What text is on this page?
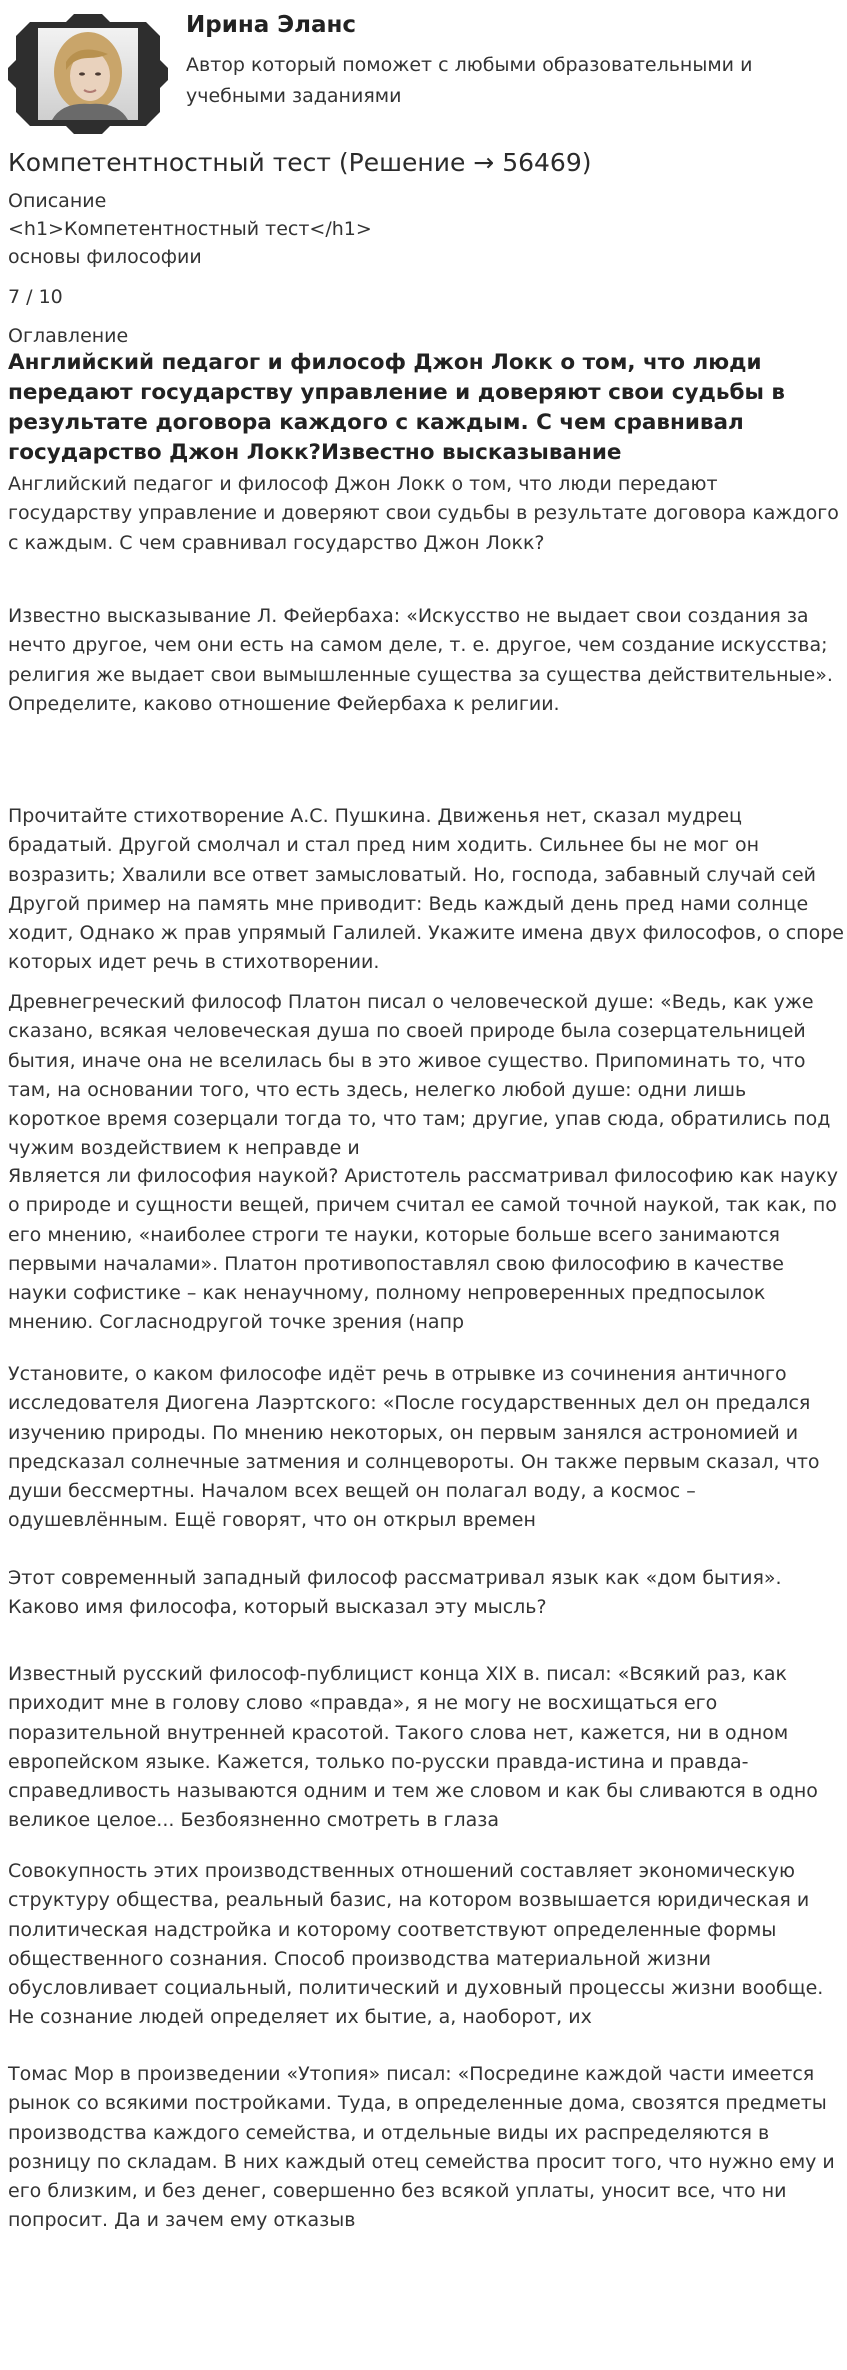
Ирина Эланс
Автор который поможет с любыми образовательными и учебными заданиями
Компетентностный тест (Решение → 56469)
Описание
<h1>Компетентностный тест</h1>
основы философии
7 / 10
Оглавление
Английский педагог и философ Джон Локк о том, что люди передают государству управление и доверяют свои судьбы в результате договора каждого с каждым. С чем сравнивал государство Джон Локк?Известно высказывание
Английский педагог и философ Джон Локк о том, что люди передают государству управление и доверяют свои судьбы в результате договора каждого с каждым. С чем сравнивал государство Джон Локк?
Известно высказывание Л. Фейербаха: «Искусство не выдает свои создания за нечто другое, чем они есть на самом деле, т. е. другое, чем создание искусства; религия же выдает свои вымышленные существа за существа действительные». Определите, каково отношение Фейербаха к религии.
Прочитайте стихотворение А.С. Пушкина. Движенья нет, сказал мудрец брадатый. Другой смолчал и стал пред ним ходить. Сильнее бы не мог он возразить; Хвалили все ответ замысловатый. Но, господа, забавный случай сей Другой пример на память мне приводит: Ведь каждый день пред нами солнце ходит, Однако ж прав упрямый Галилей. Укажите имена двух философов, о споре которых идет речь в стихотворении.
Древнегреческий философ Платон писал о человеческой душе: «Ведь, как уже сказано, всякая человеческая душа по своей природе была созерцательницей бытия, иначе она не вселилась бы в это живое существо. Припоминать то, что там, на основании того, что есть здесь, нелегко любой душе: одни лишь короткое время созерцали тогда то, что там; другие, упав сюда, обратились под чужим воздействием к неправде и
Является ли философия наукой? Аристотель рассматривал философию как науку о природе и сущности вещей, причем считал ее самой точной наукой, так как, по его мнению, «наиболее строги те науки, которые больше всего занимаются первыми началами». Платон противопоставлял свою философию в качестве науки софистике – как ненаучному, полному непроверенных предпосылок мнению. Согласнодругой точке зрения (напр
Установите, о каком философе идёт речь в отрывке из сочинения античного исследователя Диогена Лаэртского: «После государственных дел он предался изучению природы. По мнению некоторых, он первым занялся астрономией и предсказал солнечные затмения и солнцевороты. Он также первым сказал, что души бессмертны. Началом всех вещей он полагал воду, а космос – одушевлённым. Ещё говорят, что он открыл времен
Этот современный западный философ рассматривал язык как «дом бытия». Каково имя философа, который высказал эту мысль?
Известный русский философ-публицист конца XIX в. писал: «Всякий раз, как приходит мне в голову слово «правда», я не могу не восхищаться его поразительной внутренней красотой. Такого слова нет, кажется, ни в одном европейском языке. Кажется, только по-русски правда-истина и правда-справедливость называются одним и тем же словом и как бы сливаются в одно великое целое... Безбоязненно смотреть в глаза
Совокупность этих производственных отношений составляет экономическую структуру общества, реальный базис, на котором возвышается юридическая и политическая надстройка и которому соответствуют определенные формы общественного сознания. Способ производства материальной жизни обусловливает социальный, политический и духовный процессы жизни вообще. Не сознание людей определяет их бытие, а, наоборот, их
Томас Мор в произведении «Утопия» писал: «Посредине каждой части имеется рынок со всякими постройками. Туда, в определенные дома, свозятся предметы производства каждого семейства, и отдельные виды их распределяются в розницу по складам. В них каждый отец семейства просит того, что нужно ему и его близким, и без денег, совершенно без всякой уплаты, уносит все, что ни попросит. Да и зачем ему отказыв
